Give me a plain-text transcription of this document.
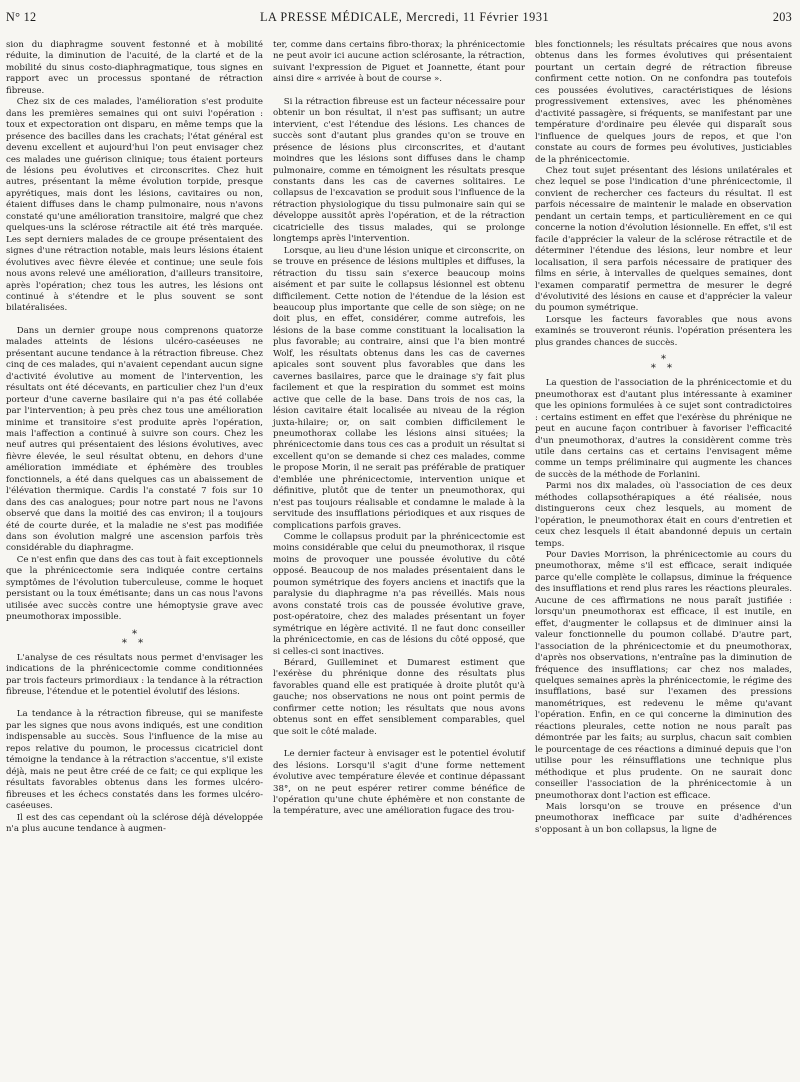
N° 12	LA PRESSE MÉDICALE, Mercredi, 11 Février 1931	203

sion du diaphragme souvent festonné et à mobilité réduite, la diminution de l'acuité, de la clarté et de la mobilité du sinus costo-diaphragmatique, tous signes en rapport avec un processus spontané de rétraction fibreuse.

Chez six de ces malades, l'amélioration s'est produite dans les premières semaines qui ont suivi l'opération : toux et expectoration ont disparu, en même temps que la présence des bacilles dans les crachats; l'état général est devenu excellent et aujourd'hui l'on peut envisager chez ces malades une guérison clinique; tous étaient porteurs de lésions peu évolutives et circonscrites. Chez huit autres, présentant la même évolution torpide, presque apyrétiques, mais dont les lésions, cavitaires ou non, étaient diffuses dans le champ pulmonaire, nous n'avons constaté qu'une amélioration transitoire, malgré que chez quelques-uns la sclérose rétractile ait été très marquée. Les sept derniers malades de ce groupe présentaient des signes d'une rétraction notable, mais leurs lésions étaient évolutives avec fièvre élevée et continue; une seule fois nous avons relevé une amélioration, d'ailleurs transitoire, après l'opération; chez tous les autres, les lésions ont continué à s'étendre et le plus souvent se sont bilatéralisées.

Dans un dernier groupe nous comprenons quatorze malades atteints de lésions ulcéro-caséeuses ne présentant aucune tendance à la rétraction fibreuse. Chez cinq de ces malades, qui n'avaient cependant aucun signe d'activité évolutive au moment de l'intervention, les résultats ont été décevants, en particulier chez l'un d'eux porteur d'une caverne basilaire qui n'a pas été collabée par l'intervention; à peu près chez tous une amélioration minime et transitoire s'est produite après l'opération, mais l'affection a continué à suivre son cours. Chez les neuf autres qui présentaient des lésions évolutives, avec fièvre élevée, le seul résultat obtenu, en dehors d'une amélioration immédiate et éphémère des troubles fonctionnels, a été dans quelques cas un abaissement de l'élévation thermique. Cardis l'a constaté 7 fois sur 10 dans des cas analogues; pour notre part nous ne l'avons observé que dans la moitié des cas environ; il a toujours été de courte durée, et la maladie ne s'est pas modifiée dans son évolution malgré une ascension parfois très considérable du diaphragme.

Ce n'est enfin que dans des cas tout à fait exceptionnels que la phrénicectomie sera indiquée contre certains symptômes de l'évolution tuberculeuse, comme le hoquet persistant ou la toux émétisante; dans un cas nous l'avons utilisée avec succès contre une hémoptysie grave avec pneumothorax impossible.

*
* *

L'analyse de ces résultats nous permet d'envisager les indications de la phrénicectomie comme conditionnées par trois facteurs primordiaux : la tendance à la rétraction fibreuse, l'étendue et le potentiel évolutif des lésions.

La tendance à la rétraction fibreuse, qui se manifeste par les signes que nous avons indiqués, est une condition indispensable au succès. Sous l'influence de la mise au repos relative du poumon, le processus cicatriciel dont témoigne la tendance à la rétraction s'accentue, s'il existe déjà, mais ne peut être créé de ce fait; ce qui explique les résultats favorables obtenus dans les formes ulcéro-fibreuses et les échecs constatés dans les formes ulcéro-caséeuses.

Il est des cas cependant où la sclérose déjà développée n'a plus aucune tendance à augmen-

ter, comme dans certains fibro-thorax; la phrénicectomie ne peut avoir ici aucune action sclérosante, la rétraction, suivant l'expression de Piguet et Joannette, étant pour ainsi dire « arrivée à bout de course ».

Si la rétraction fibreuse est un facteur nécessaire pour obtenir un bon résultat, il n'est pas suffisant; un autre intervient, c'est l'étendue des lésions. Les chances de succès sont d'autant plus grandes qu'on se trouve en présence de lésions plus circonscrites, et d'autant moindres que les lésions sont diffuses dans le champ pulmonaire, comme en témoignent les résultats presque constants dans les cas de cavernes solitaires. Le collapsus de l'excavation se produit sous l'influence de la rétraction physiologique du tissu pulmonaire sain qui se développe aussitôt après l'opération, et de la rétraction cicatricielle des tissus malades, qui se prolonge longtemps après l'intervention.

Lorsque, au lieu d'une lésion unique et circonscrite, on se trouve en présence de lésions multiples et diffuses, la rétraction du tissu sain s'exerce beaucoup moins aisément et par suite le collapsus lésionnel est obtenu difficilement. Cette notion de l'étendue de la lésion est beaucoup plus importante que celle de son siège; on ne doit plus, en effet, considérer, comme autrefois, les lésions de la base comme constituant la localisation la plus favorable; au contraire, ainsi que l'a bien montré Wolf, les résultats obtenus dans les cas de cavernes apicales sont souvent plus favorables que dans les cavernes basilaires, parce que le drainage s'y fait plus facilement et que la respiration du sommet est moins active que celle de la base. Dans trois de nos cas, la lésion cavitaire était localisée au niveau de la région juxta-hilaire; or, on sait combien difficilement le pneumothorax collabe les lésions ainsi situées; la phrénicectomie dans tous ces cas a produit un résultat si excellent qu'on se demande si chez ces malades, comme le propose Morin, il ne serait pas préférable de pratiquer d'emblée une phrénicectomie, intervention unique et définitive, plutôt que de tenter un pneumothorax, qui n'est pas toujours réalisable et condamne le malade à la servitude des insufflations périodiques et aux risques de complications parfois graves.

Comme le collapsus produit par la phrénicectomie est moins considérable que celui du pneumothorax, il risque moins de provoquer une poussée évolutive du côté opposé. Beaucoup de nos malades présentaient dans le poumon symétrique des foyers anciens et inactifs que la paralysie du diaphragme n'a pas réveillés. Mais nous avons constaté trois cas de poussée évolutive grave, post-opératoire, chez des malades présentant un foyer symétrique en légère activité. Il ne faut donc conseiller la phrénicectomie, en cas de lésions du côté opposé, que si celles-ci sont inactives.

Bérard, Guilleminet et Dumarest estiment que l'exérèse du phrénique donne des résultats plus favorables quand elle est pratiquée à droite plutôt qu'à gauche; nos observations ne nous ont point permis de confirmer cette notion; les résultats que nous avons obtenus sont en effet sensiblement comparables, quel que soit le côté malade.

Le dernier facteur à envisager est le potentiel évolutif des lésions. Lorsqu'il s'agit d'une forme nettement évolutive avec température élevée et continue dépassant 38°, on ne peut espérer retirer comme bénéfice de l'opération qu'une chute éphémère et non constante de la température, avec une amélioration fugace des trou-

bles fonctionnels; les résultats précaires que nous avons obtenus dans les formes évolutives qui présentaient pourtant un certain degré de rétraction fibreuse confirment cette notion. On ne confondra pas toutefois ces poussées évolutives, caractéristiques de lésions progressivement extensives, avec les phénomènes d'activité passagère, si fréquents, se manifestant par une température d'ordinaire peu élevée qui disparaît sous l'influence de quelques jours de repos, et que l'on constate au cours de formes peu évolutives, justiciables de la phrénicectomie.

Chez tout sujet présentant des lésions unilatérales et chez lequel se pose l'indication d'une phrénicectomie, il convient de rechercher ces facteurs du résultat. Il est parfois nécessaire de maintenir le malade en observation pendant un certain temps, et particulièrement en ce qui concerne la notion d'évolution lésionnelle. En effet, s'il est facile d'apprécier la valeur de la sclérose rétractile et de déterminer l'étendue des lésions, leur nombre et leur localisation, il sera parfois nécessaire de pratiquer des films en série, à intervalles de quelques semaines, dont l'examen comparatif permettra de mesurer le degré d'évolutivité des lésions en cause et d'apprécier la valeur du poumon symétrique.

Lorsque les facteurs favorables que nous avons examinés se trouveront réunis. l'opération présentera les plus grandes chances de succès.

*
* *

La question de l'association de la phrénicectomie et du pneumothorax est d'autant plus intéressante à examiner que les opinions formulées à ce sujet sont contradictoires : certains estiment en effet que l'exérèse du phrénique ne peut en aucune façon contribuer à favoriser l'efficacité d'un pneumothorax, d'autres la considèrent comme très utile dans certains cas et certains l'envisagent même comme un temps préliminaire qui augmente les chances de succès de la méthode de Forlanini.

Parmi nos dix malades, où l'association de ces deux méthodes collapsothérapiques a été réalisée, nous distinguerons ceux chez lesquels, au moment de l'opération, le pneumothorax était en cours d'entretien et ceux chez lesquels il était abandonné depuis un certain temps.

Pour Davies Morrison, la phrénicectomie au cours du pneumothorax, même s'il est efficace, serait indiquée parce qu'elle complète le collapsus, diminue la fréquence des insufflations et rend plus rares les réactions pleurales. Aucune de ces affirmations ne nous paraît justifiée : lorsqu'un pneumothorax est efficace, il est inutile, en effet, d'augmenter le collapsus et de diminuer ainsi la valeur fonctionnelle du poumon collabé. D'autre part, l'association de la phrénicectomie et du pneumothorax, d'après nos observations, n'entraîne pas la diminution de fréquence des insufflations; car chez nos malades, quelques semaines après la phrénicectomie, le régime des insufflations, basé sur l'examen des pressions manométriques, est redevenu le même qu'avant l'opération. Enfin, en ce qui concerne la diminution des réactions pleurales, cette notion ne nous paraît pas démontrée par les faits; au surplus, chacun sait combien le pourcentage de ces réactions a diminué depuis que l'on utilise pour les réinsufflations une technique plus méthodique et plus prudente. On ne saurait donc conseiller l'association de la phrénicectomie à un pneumothorax dont l'action est efficace.

Mais lorsqu'on se trouve en présence d'un pneumothorax inefficace par suite d'adhérences s'opposant à un bon collapsus, la ligne de
